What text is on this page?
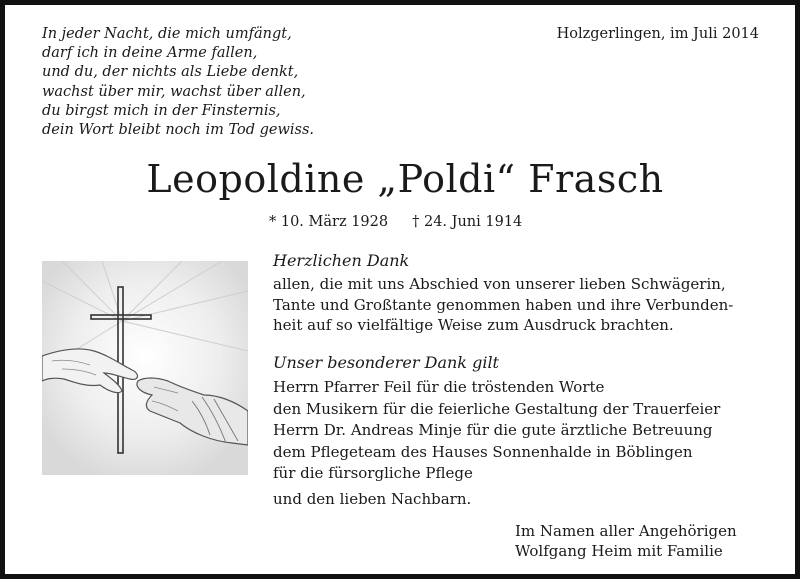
In jeder Nacht, die mich umfängt,
darf ich in deine Arme fallen,
und du, der nichts als Liebe denkt,
wachst über mir, wachst über allen,
du birgst mich in der Finsternis,
dein Wort bleibt noch im Tod gewiss.
Holzgerlingen, im Juli 2014
Leopoldine „Poldi“ Frasch
* 10. März 1928 † 24. Juni 1914
Herzlichen Dank
allen, die mit uns Abschied von unserer lieben Schwägerin,
Tante und Großtante genommen haben und ihre Verbunden-
heit auf so vielfältige Weise zum Ausdruck brachten.
Unser besonderer Dank gilt
Herrn Pfarrer Feil für die tröstenden Worte
den Musikern für die feierliche Gestaltung der Trauerfeier
Herrn Dr. Andreas Minje für die gute ärztliche Betreuung
dem Pflegeteam des Hauses Sonnenhalde in Böblingen
für die fürsorgliche Pflege
und den lieben Nachbarn.
Im Namen aller Angehörigen
Wolfgang Heim mit Familie
